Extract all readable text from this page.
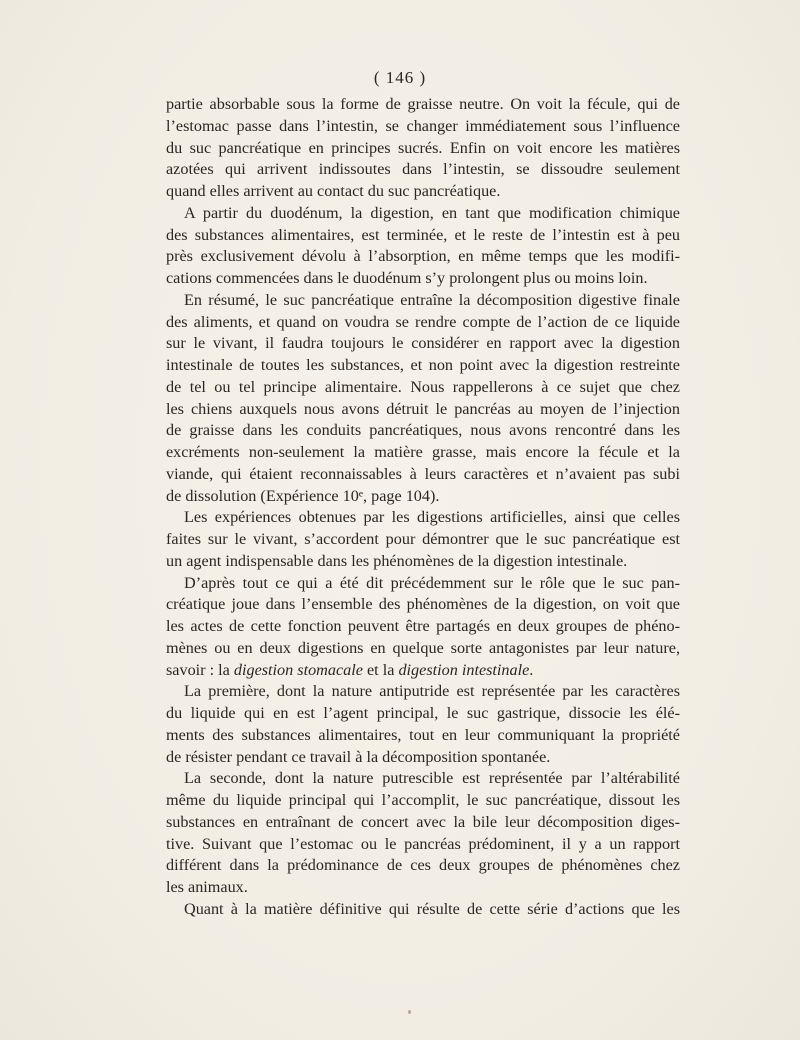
( 146 )
partie absorbable sous la forme de graisse neutre. On voit la fécule, qui de
l’estomac passe dans l’intestin, se changer immédiatement sous l’influence
du suc pancréatique en principes sucrés. Enfin on voit encore les matières
azotées qui arrivent indissoutes dans l’intestin, se dissoudre seulement
quand elles arrivent au contact du suc pancréatique.
A partir du duodénum, la digestion, en tant que modification chimique
des substances alimentaires, est terminée, et le reste de l’intestin est à peu
près exclusivement dévolu à l’absorption, en même temps que les modifi-
cations commencées dans le duodénum s’y prolongent plus ou moins loin.
En résumé, le suc pancréatique entraîne la décomposition digestive finale
des aliments, et quand on voudra se rendre compte de l’action de ce liquide
sur le vivant, il faudra toujours le considérer en rapport avec la digestion
intestinale de toutes les substances, et non point avec la digestion restreinte
de tel ou tel principe alimentaire. Nous rappellerons à ce sujet que chez
les chiens auxquels nous avons détruit le pancréas au moyen de l’injection
de graisse dans les conduits pancréatiques, nous avons rencontré dans les
excréments non-seulement la matière grasse, mais encore la fécule et la
viande, qui étaient reconnaissables à leurs caractères et n’avaient pas subi
de dissolution (Expérience 10ᵉ, page 104).
Les expériences obtenues par les digestions artificielles, ainsi que celles
faites sur le vivant, s’accordent pour démontrer que le suc pancréatique est
un agent indispensable dans les phénomènes de la digestion intestinale.
D’après tout ce qui a été dit précédemment sur le rôle que le suc pan-
créatique joue dans l’ensemble des phénomènes de la digestion, on voit que
les actes de cette fonction peuvent être partagés en deux groupes de phéno-
mènes ou en deux digestions en quelque sorte antagonistes par leur nature,
savoir : la digestion stomacale et la digestion intestinale.
La première, dont la nature antiputride est représentée par les caractères
du liquide qui en est l’agent principal, le suc gastrique, dissocie les élé-
ments des substances alimentaires, tout en leur communiquant la propriété
de résister pendant ce travail à la décomposition spontanée.
La seconde, dont la nature putrescible est représentée par l’altérabilité
même du liquide principal qui l’accomplit, le suc pancréatique, dissout les
substances en entraînant de concert avec la bile leur décomposition diges-
tive. Suivant que l’estomac ou le pancréas prédominent, il y a un rapport
différent dans la prédominance de ces deux groupes de phénomènes chez
les animaux.
Quant à la matière définitive qui résulte de cette série d’actions que les
